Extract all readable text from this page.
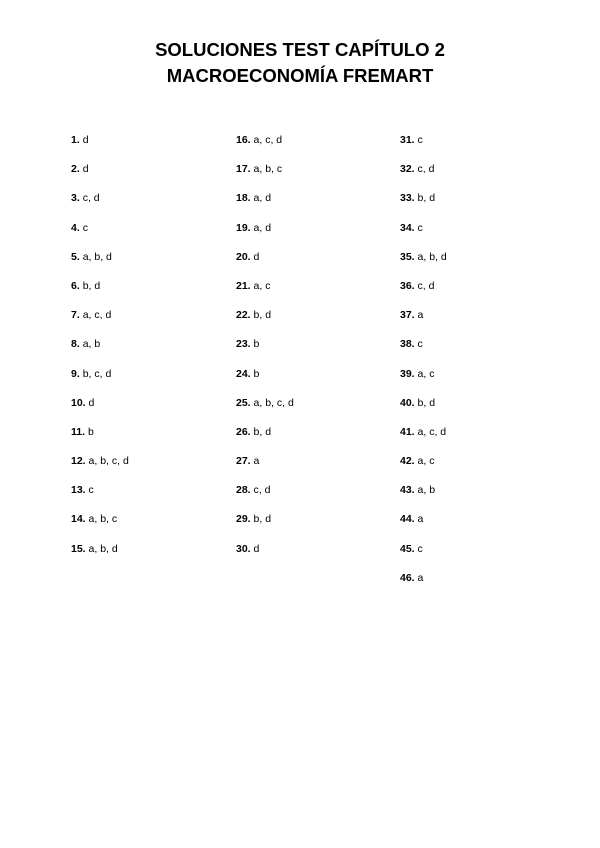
SOLUCIONES TEST CAPÍTULO 2
MACROECONOMÍA FREMART
1. d
2. d
3. c, d
4. c
5. a, b, d
6. b, d
7. a, c, d
8. a, b
9. b, c, d
10. d
11. b
12. a, b, c, d
13. c
14. a, b, c
15. a, b, d
16. a, c, d
17. a, b, c
18. a, d
19. a, d
20. d
21. a, c
22. b, d
23. b
24. b
25. a, b, c, d
26. b, d
27. a
28. c, d
29. b, d
30. d
31. c
32. c, d
33. b, d
34. c
35. a, b, d
36. c, d
37. a
38. c
39. a, c
40. b, d
41. a, c, d
42. a, c
43. a, b
44. a
45. c
46. a
